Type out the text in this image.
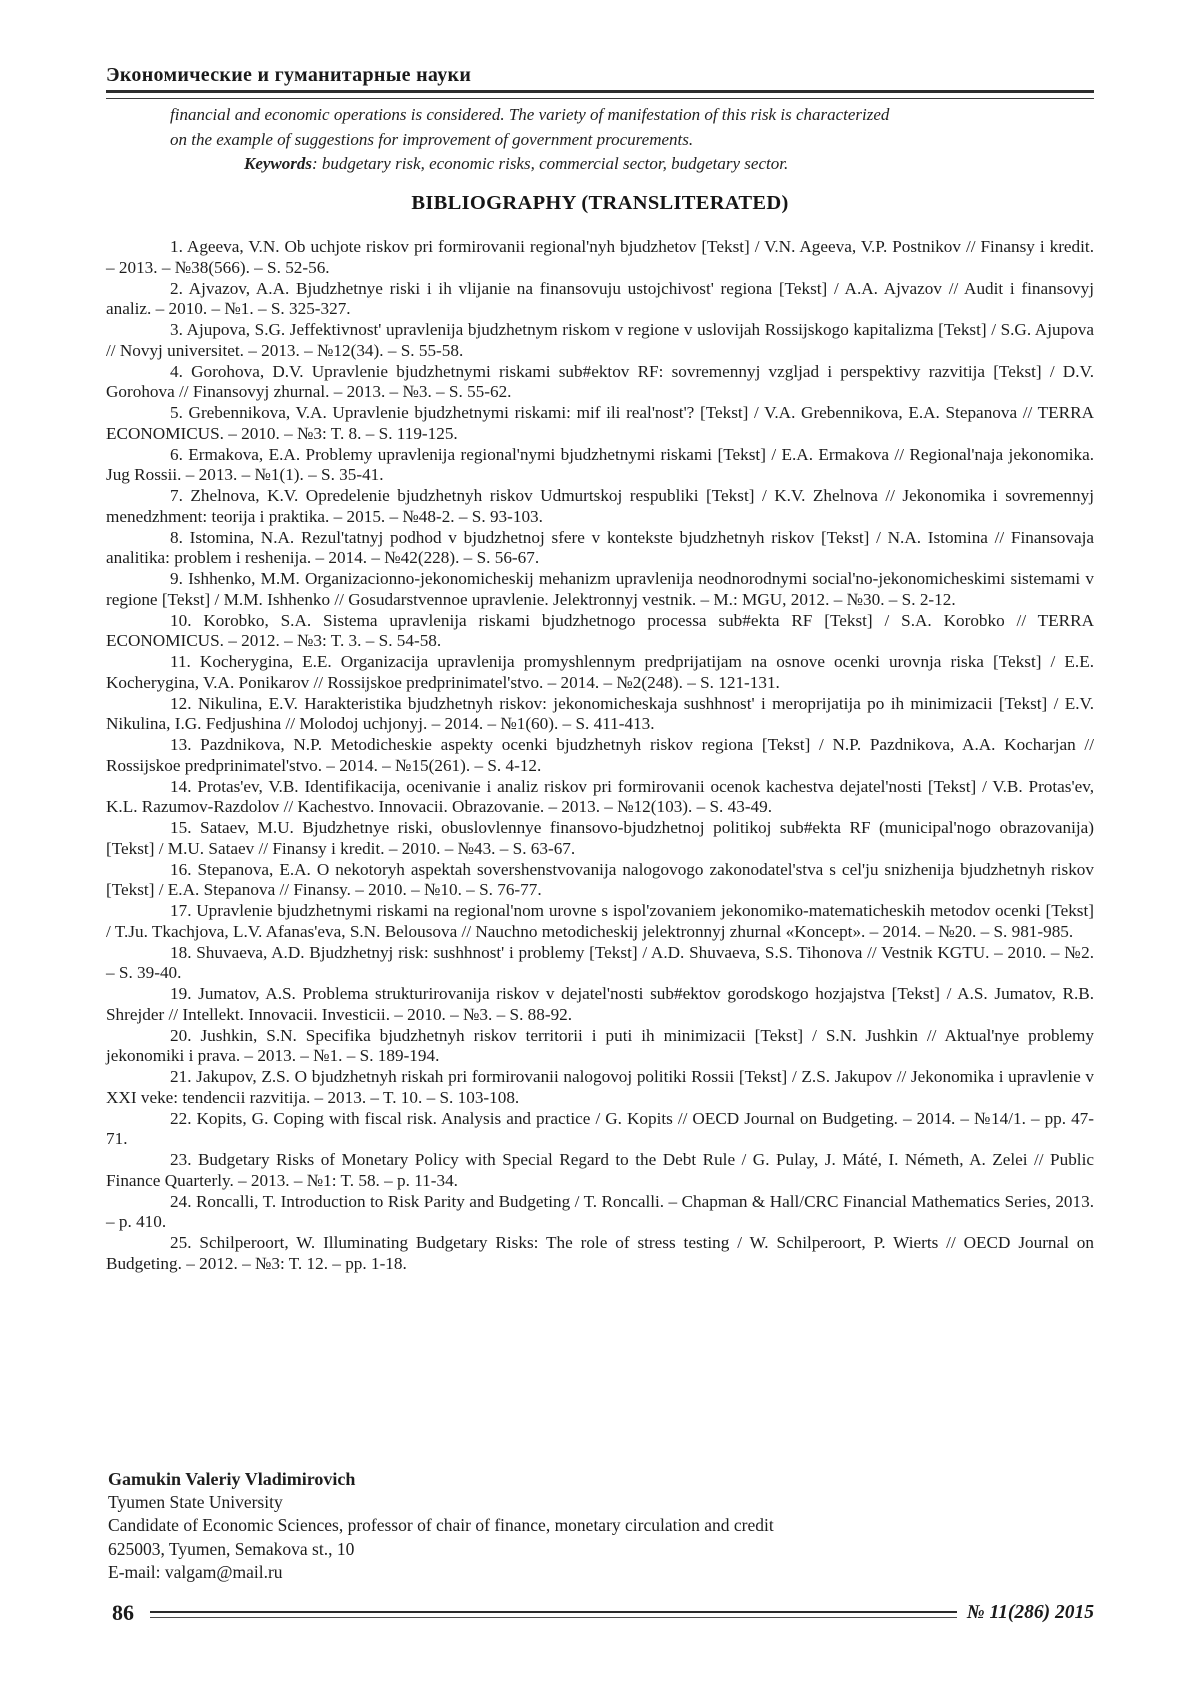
Экономические и гуманитарные науки
financial and economic operations is considered. The variety of manifestation of this risk is characterized
on the example of suggestions for improvement of government procurements.
Keywords: budgetary risk, economic risks, commercial sector, budgetary sector.
BIBLIOGRAPHY (TRANSLITERATED)

1. Ageeva, V.N. Ob uchjote riskov pri formirovanii regional'nyh bjudzhetov [Tekst] / V.N. Ageeva, V.P. Postnikov // Finansy i kredit. – 2013. – №38(566). – S. 52-56.

2. Ajvazov, A.A. Bjudzhetnye riski i ih vlijanie na finansovuju ustojchivost' regiona [Tekst] / A.A. Ajvazov // Audit i finansovyj analiz. – 2010. – №1. – S. 325-327.

3. Ajupova, S.G. Jeffektivnost' upravlenija bjudzhetnym riskom v regione v uslovijah Rossijskogo kapitalizma [Tekst] / S.G. Ajupova // Novyj universitet. – 2013. – №12(34). – S. 55-58.

4. Gorohova, D.V. Upravlenie bjudzhetnymi riskami sub#ektov RF: sovremennyj vzgljad i perspektivy razvitija [Tekst] / D.V. Gorohova // Finansovyj zhurnal. – 2013. – №3. – S. 55-62.

5. Grebennikova, V.A. Upravlenie bjudzhetnymi riskami: mif ili real'nost'? [Tekst] / V.A. Grebennikova, E.A. Stepanova // TERRA ECONOMICUS. – 2010. – №3: T. 8. – S. 119-125.

6. Ermakova, E.A. Problemy upravlenija regional'nymi bjudzhetnymi riskami [Tekst] / E.A. Ermakova // Regional'naja jekonomika. Jug Rossii. – 2013. – №1(1). – S. 35-41.

7. Zhelnova, K.V. Opredelenie bjudzhetnyh riskov Udmurtskoj respubliki [Tekst] / K.V. Zhelnova // Jekonomika i sovremennyj menedzhment: teorija i praktika. – 2015. – №48-2. – S. 93-103.

8. Istomina, N.A. Rezul'tatnyj podhod v bjudzhetnoj sfere v kontekste bjudzhetnyh riskov [Tekst] / N.A. Istomina // Finansovaja analitika: problem i reshenija. – 2014. – №42(228). – S. 56-67.

9. Ishhenko, M.M. Organizacionno-jekonomicheskij mehanizm upravlenija neodnorodnymi social'no-jekonomicheskimi sistemami v regione [Tekst] / M.M. Ishhenko // Gosudarstvennoe upravlenie. Jelektronnyj vestnik. – M.: MGU, 2012. – №30. – S. 2-12.

10. Korobko, S.A. Sistema upravlenija riskami bjudzhetnogo processa sub#ekta RF [Tekst] / S.A. Korobko // TERRA ECONOMICUS. – 2012. – №3: T. 3. – S. 54-58.

11. Kocherygina, E.E. Organizacija upravlenija promyshlennym predprijatijam na osnove ocenki urovnja riska [Tekst] / E.E. Kocherygina, V.A. Ponikarov // Rossijskoe predprinimatel'stvo. – 2014. – №2(248). – S. 121-131.

12. Nikulina, E.V. Harakteristika bjudzhetnyh riskov: jekonomicheskaja sushhnost' i meroprijatija po ih minimizacii [Tekst] / E.V. Nikulina, I.G. Fedjushina // Molodoj uchjonyj. – 2014. – №1(60). – S. 411-413.

13. Pazdnikova, N.P. Metodicheskie aspekty ocenki bjudzhetnyh riskov regiona [Tekst] / N.P. Pazdnikova, A.A. Kocharjan // Rossijskoe predprinimatel'stvo. – 2014. – №15(261). – S. 4-12.

14. Protas'ev, V.B. Identifikacija, ocenivanie i analiz riskov pri formirovanii ocenok kachestva dejatel'nosti [Tekst] / V.B. Protas'ev, K.L. Razumov-Razdolov // Kachestvo. Innovacii. Obrazovanie. – 2013. – №12(103). – S. 43-49.

15. Sataev, M.U. Bjudzhetnye riski, obuslovlennye finansovo-bjudzhetnoj politikoj sub#ekta RF (municipal'nogo obrazovanija) [Tekst] / M.U. Sataev // Finansy i kredit. – 2010. – №43. – S. 63-67.

16. Stepanova, E.A. O nekotoryh aspektah sovershenstvovanija nalogovogo zakonodatel'stva s cel'ju snizhenija bjudzhetnyh riskov [Tekst] / E.A. Stepanova // Finansy. – 2010. – №10. – S. 76-77.

17. Upravlenie bjudzhetnymi riskami na regional'nom urovne s ispol'zovaniem jekonomiko-matematicheskih metodov ocenki [Tekst] / T.Ju. Tkachjova, L.V. Afanas'eva, S.N. Belousova // Nauchno metodicheskij jelektronnyj zhurnal «Koncept». – 2014. – №20. – S. 981-985.

18. Shuvaeva, A.D. Bjudzhetnyj risk: sushhnost' i problemy [Tekst] / A.D. Shuvaeva, S.S. Tihonova // Vestnik KGTU. – 2010. – №2. – S. 39-40.

19. Jumatov, A.S. Problema strukturirovanija riskov v dejatel'nosti sub#ektov gorodskogo hozjajstva [Tekst] / A.S. Jumatov, R.B. Shrejder // Intellekt. Innovacii. Investicii. – 2010. – №3. – S. 88-92.

20. Jushkin, S.N. Specifika bjudzhetnyh riskov territorii i puti ih minimizacii [Tekst] / S.N. Jushkin // Aktual'nye problemy jekonomiki i prava. – 2013. – №1. – S. 189-194.

21. Jakupov, Z.S. O bjudzhetnyh riskah pri formirovanii nalogovoj politiki Rossii [Tekst] / Z.S. Jakupov // Jekonomika i upravlenie v XXI veke: tendencii razvitija. – 2013. – T. 10. – S. 103-108.

22. Kopits, G. Coping with fiscal risk. Analysis and practice / G. Kopits // OECD Journal on Budgeting. – 2014. – №14/1. – pp. 47-71.

23. Budgetary Risks of Monetary Policy with Special Regard to the Debt Rule / G. Pulay, J. Máté, I. Németh, A. Zelei // Public Finance Quarterly. – 2013. – №1: T. 58. – p. 11-34.

24. Roncalli, T. Introduction to Risk Parity and Budgeting / T. Roncalli. – Chapman & Hall/CRC Financial Mathematics Series, 2013. – p. 410.

25. Schilperoort, W. Illuminating Budgetary Risks: The role of stress testing / W. Schilperoort, P. Wierts // OECD Journal on Budgeting. – 2012. – №3: T. 12. – pp. 1-18.

Gamukin Valeriy Vladimirovich
Tyumen State University
Candidate of Economic Sciences, professor of chair of finance, monetary circulation and credit
625003, Tyumen, Semakova st., 10
E-mail: valgam@mail.ru
86	№ 11(286) 2015
